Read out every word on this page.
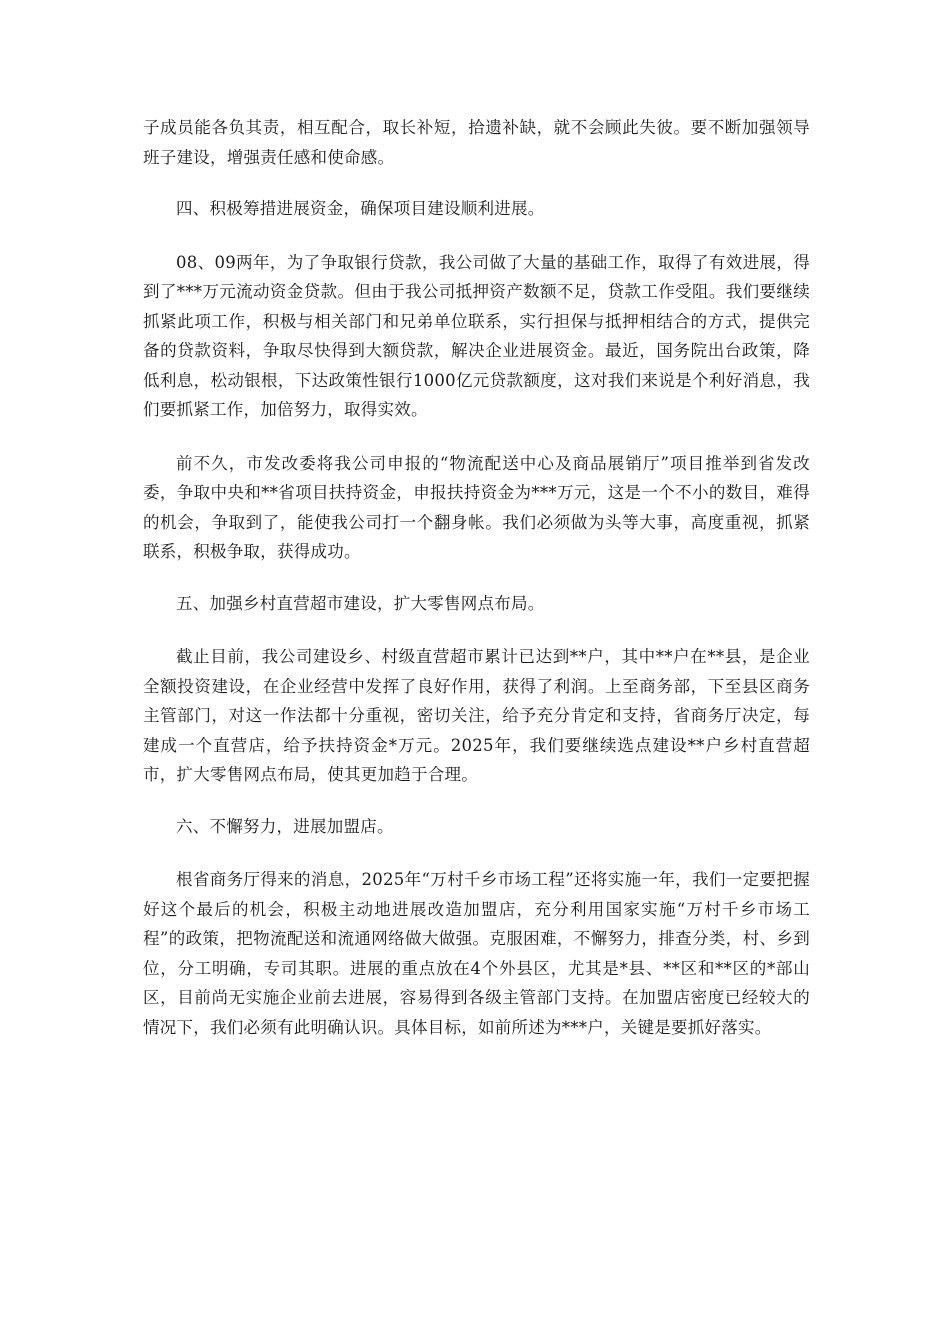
子成员能各负其责，相互配合，取长补短，拾遗补缺，就不会顾此失彼。要不断加强领导班子建设，增强责任感和使命感。

四、积极筹措进展资金，确保项目建设顺利进展。

08、09两年，为了争取银行贷款，我公司做了大量的基础工作，取得了有效进展，得到了***万元流动资金贷款。但由于我公司抵押资产数额不足，贷款工作受阻。我们要继续抓紧此项工作，积极与相关部门和兄弟单位联系，实行担保与抵押相结合的方式，提供完备的贷款资料，争取尽快得到大额贷款，解决企业进展资金。最近，国务院出台政策，降低利息，松动银根，下达政策性银行1000亿元贷款额度，这对我们来说是个利好消息，我们要抓紧工作，加倍努力，取得实效。

前不久，市发改委将我公司申报的“物流配送中心及商品展销厅”项目推举到省发改委，争取中央和**省项目扶持资金，申报扶持资金为***万元，这是一个不小的数目，难得的机会，争取到了，能使我公司打一个翻身帐。我们必须做为头等大事，高度重视，抓紧联系，积极争取，获得成功。

五、加强乡村直营超市建设，扩大零售网点布局。

截止目前，我公司建设乡、村级直营超市累计已达到**户，其中**户在**县，是企业全额投资建设，在企业经营中发挥了良好作用，获得了利润。上至商务部，下至县区商务主管部门，对这一作法都十分重视，密切关注，给予充分肯定和支持，省商务厅决定，每建成一个直营店，给予扶持资金*万元。2025年，我们要继续选点建设**户乡村直营超市，扩大零售网点布局，使其更加趋于合理。

六、不懈努力，进展加盟店。

根省商务厅得来的消息，2025年“万村千乡市场工程”还将实施一年，我们一定要把握好这个最后的机会，积极主动地进展改造加盟店，充分利用国家实施“万村千乡市场工程”的政策，把物流配送和流通网络做大做强。克服困难，不懈努力，排查分类，村、乡到位，分工明确，专司其职。进展的重点放在4个外县区，尤其是*县、**区和**区的*部山区，目前尚无实施企业前去进展，容易得到各级主管部门支持。在加盟店密度已经较大的情况下，我们必须有此明确认识。具体目标，如前所述为***户，关键是要抓好落实。
